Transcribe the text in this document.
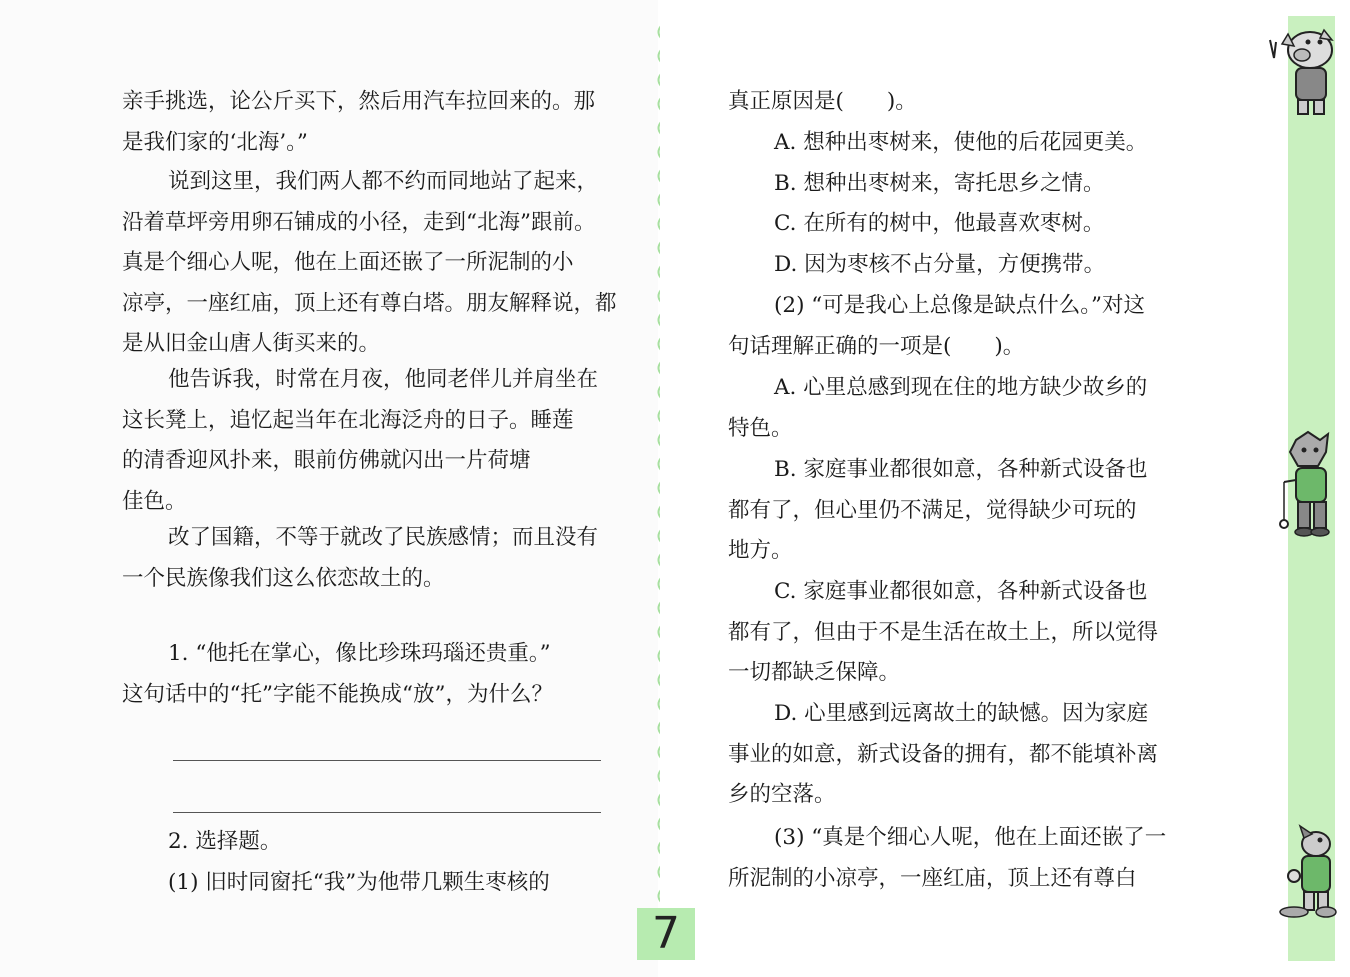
亲手挑选，论公斤买下，然后用汽车拉回来的。那
是我们家的‘北海’。”

说到这里，我们两人都不约而同地站了起来，
沿着草坪旁用卵石铺成的小径，走到“北海”跟前。
真是个细心人呢，他在上面还嵌了一所泥制的小
凉亭，一座红庙，顶上还有尊白塔。朋友解释说，都
是从旧金山唐人街买来的。

他告诉我，时常在月夜，他同老伴儿并肩坐在
这长凳上，追忆起当年在北海泛舟的日子。睡莲
的清香迎风扑来，眼前仿佛就闪出一片荷塘
佳色。

改了国籍，不等于就改了民族感情；而且没有
一个民族像我们这么依恋故土的。

1. “他托在掌心，像比珍珠玛瑙还贵重。”
这句话中的“托”字能不能换成“放”，为什么？

2. 选择题。
(1) 旧时同窗托“我”为他带几颗生枣核的

真正原因是(　　)。

A. 想种出枣树来，使他的后花园更美。
B. 想种出枣树来，寄托思乡之情。
C. 在所有的树中，他最喜欢枣树。
D. 因为枣核不占分量，方便携带。

(2) “可是我心上总像是缺点什么。”对这
句话理解正确的一项是(　　)。

A. 心里总感到现在住的地方缺少故乡的
特色。

B. 家庭事业都很如意，各种新式设备也
都有了，但心里仍不满足，觉得缺少可玩的
地方。

C. 家庭事业都很如意，各种新式设备也
都有了，但由于不是生活在故土上，所以觉得
一切都缺乏保障。

D. 心里感到远离故土的缺憾。因为家庭
事业的如意，新式设备的拥有，都不能填补离
乡的空落。

(3) “真是个细心人呢，他在上面还嵌了一
所泥制的小凉亭，一座红庙，顶上还有尊白

7
